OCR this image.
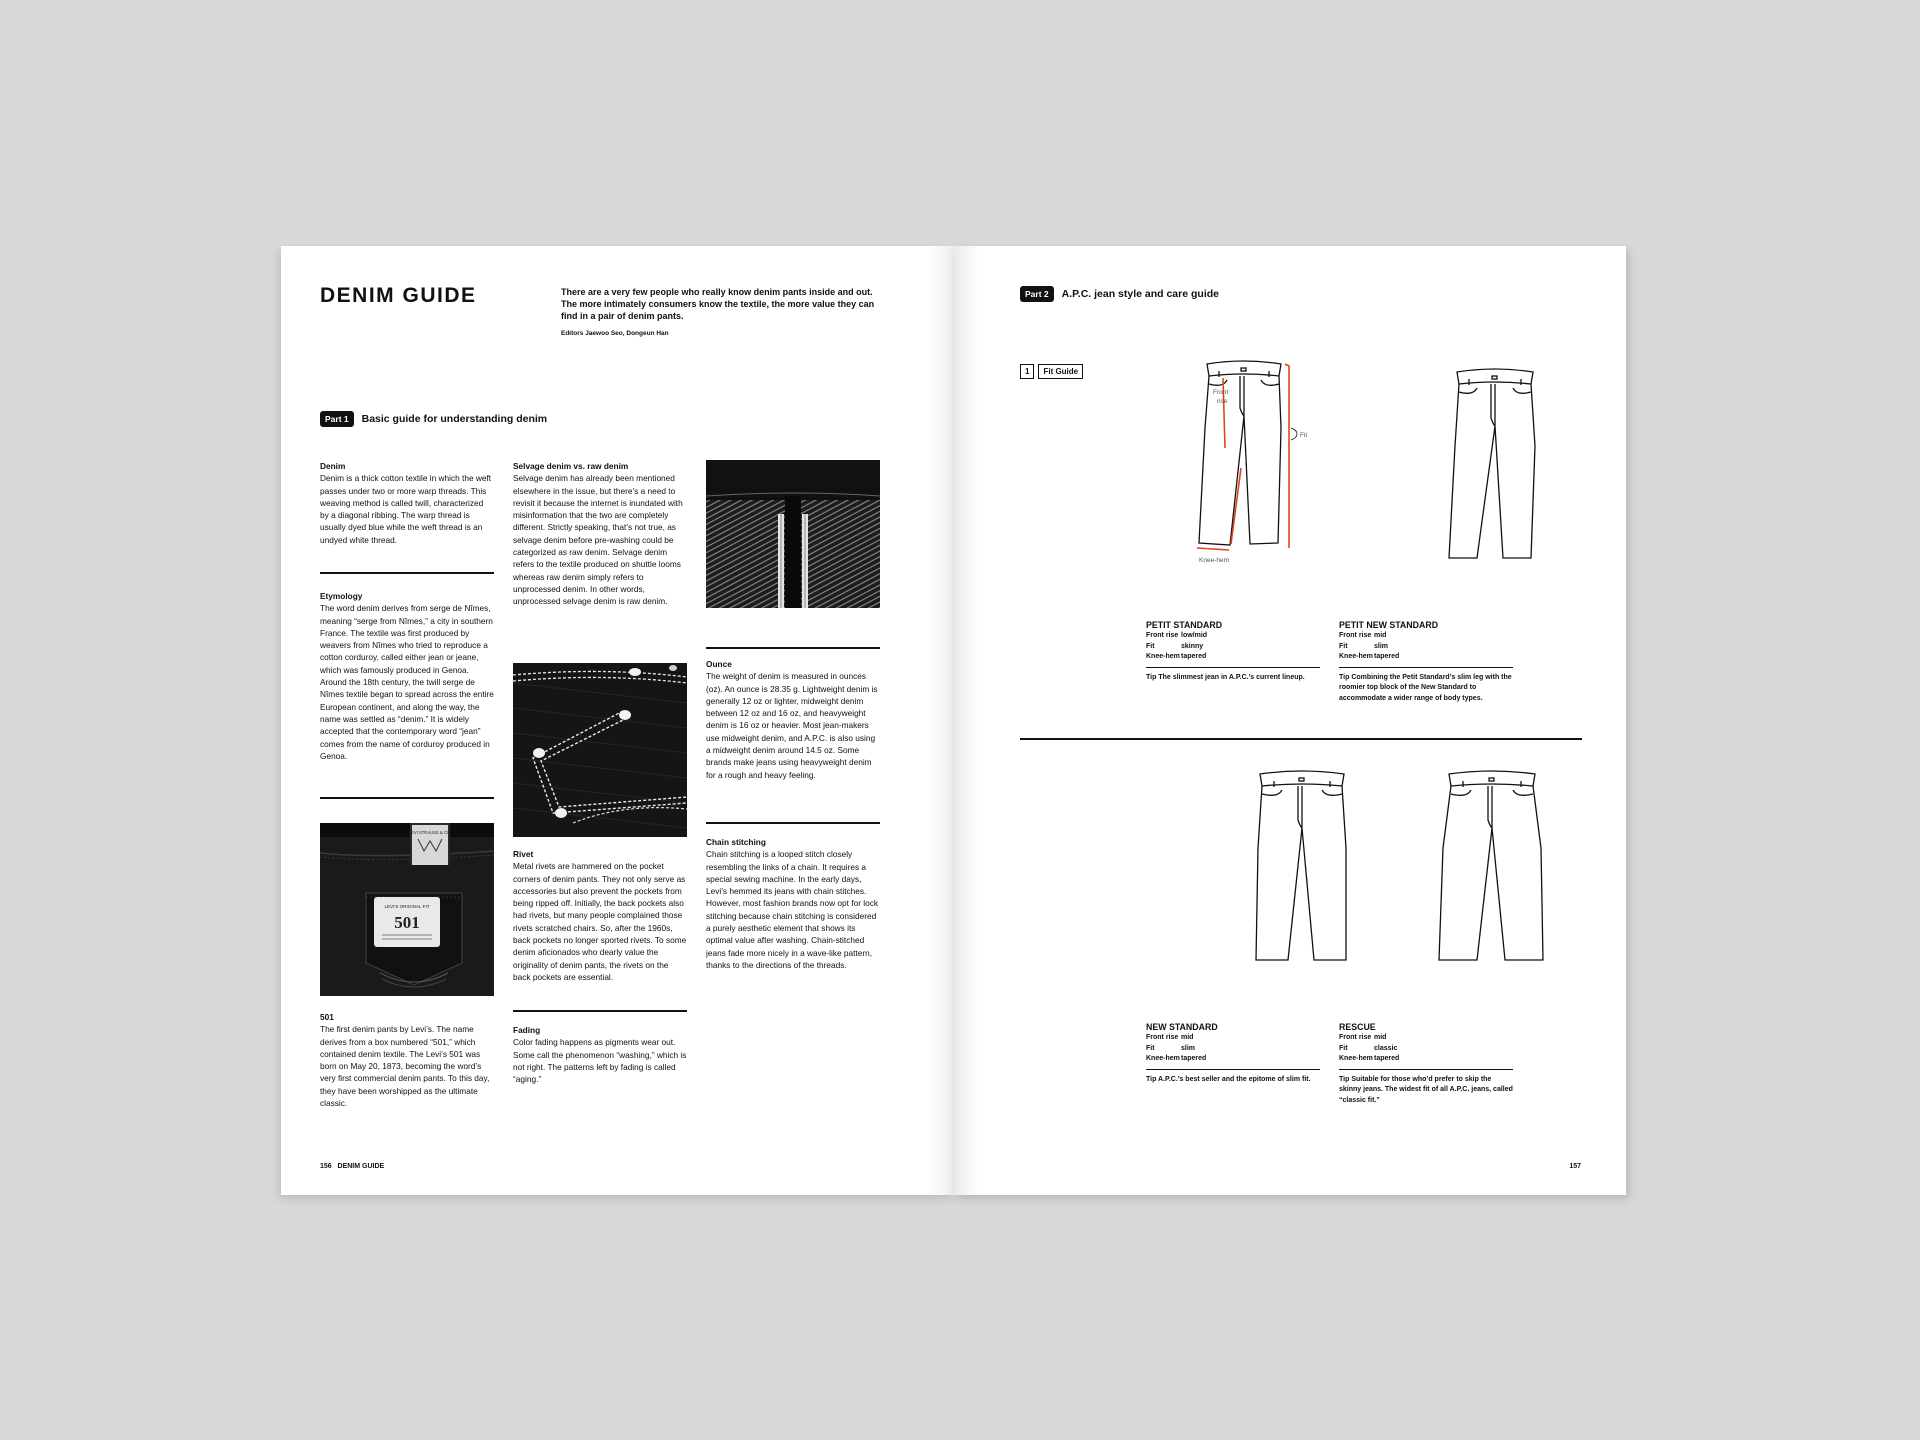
DENIM GUIDE	There are a very few people who really know denim pants inside and out. The more intimately consumers know the textile, the more value they can find in a pair of denim pants.
Editors Jaewoo Seo, Dongeun Han
Part 1	Basic guide for understanding denim
Denim

Denim is a thick cotton textile in which the weft passes under two or more warp threads. This weaving method is called twill, characterized by a diagonal ribbing. The warp thread is usually dyed blue while the weft thread is an undyed white thread.

Etymology

The word denim derives from serge de Nîmes, meaning “serge from Nîmes,” a city in southern France. The textile was first produced by weavers from Nîmes who tried to reproduce a cotton corduroy, called either jean or jeane, which was famously produced in Genoa. Around the 18th century, the twill serge de Nîmes textile began to spread across the entire European continent, and along the way, the name was settled as “denim.” It is widely accepted that the contemporary word “jean” comes from the name of corduroy produced in Genoa.

LEVI STRAUSS & CO.
LEVI'S ORIGINAL FIT
501
501

The first denim pants by Levi’s. The name derives from a box numbered “501,” which contained denim textile. The Levi’s 501 was born on May 20, 1873, becoming the word’s very first commercial denim pants. To this day, they have been worshipped as the ultimate classic.

Selvage denim vs. raw denim

Selvage denim has already been mentioned elsewhere in the issue, but there’s a need to revisit it because the internet is inundated with misinformation that the two are completely different. Strictly speaking, that’s not true, as selvage denim before pre-washing could be categorized as raw denim. Selvage denim refers to the textile produced on shuttle looms whereas raw denim simply refers to unprocessed denim. In other words, unprocessed selvage denim is raw denim.

Rivet

Metal rivets are hammered on the pocket corners of denim pants. They not only serve as accessories but also prevent the pockets from being ripped off. Initially, the back pockets also had rivets, but many people complained those rivets scratched chairs. So, after the 1960s, back pockets no longer sported rivets. To some denim aficionados who dearly value the originality of denim pants, the rivets on the back pockets are essential.

Fading

Color fading happens as pigments wear out. Some call the phenomenon “washing,” which is not right. The patterns left by fading is called “aging.”

Ounce

The weight of denim is measured in ounces (oz). An ounce is 28.35 g. Lightweight denim is generally 12 oz or lighter, midweight denim between 12 oz and 16 oz, and heavyweight denim is 16 oz or heavier. Most jean-makers use midweight denim, and A.P.C. is also using a midweight denim around 14.5 oz. Some brands make jeans using heavyweight denim for a rough and heavy feeling.

Chain stitching

Chain stitching is a looped stitch closely resembling the links of a chain. It requires a special sewing machine. In the early days, Levi’s hemmed its jeans with chain stitches. However, most fashion brands now opt for lock stitching because chain stitching is considered a purely aesthetic element that shows its optimal value after washing. Chain-stitched jeans fade more nicely in a wave-like pattern, thanks to the directions of the threads.

156 DENIM GUIDE
Part 2	A.P.C. jean style and care guide
1	Fit Guide
Front rise
Fit
Knee-hem
PETIT STANDARD
Front rise low/mid
Fit	skinny
Knee-hem tapered
Tip The slimmest jean in A.P.C.’s current lineup.
PETIT NEW STANDARD
Front rise mid
Fit	slim
Knee-hem tapered
Tip Combining the Petit Standard’s slim leg with the roomier top block of the New Standard to accommodate a wider range of body types.
NEW STANDARD
Front rise mid
Fit	slim
Knee-hem tapered
Tip A.P.C.’s best seller and the epitome of slim fit.
RESCUE
Front rise mid
Fit	classic
Knee-hem tapered
Tip Suitable for those who’d prefer to skip the skinny jeans. The widest fit of all A.P.C. jeans, called “classic fit.”
157
